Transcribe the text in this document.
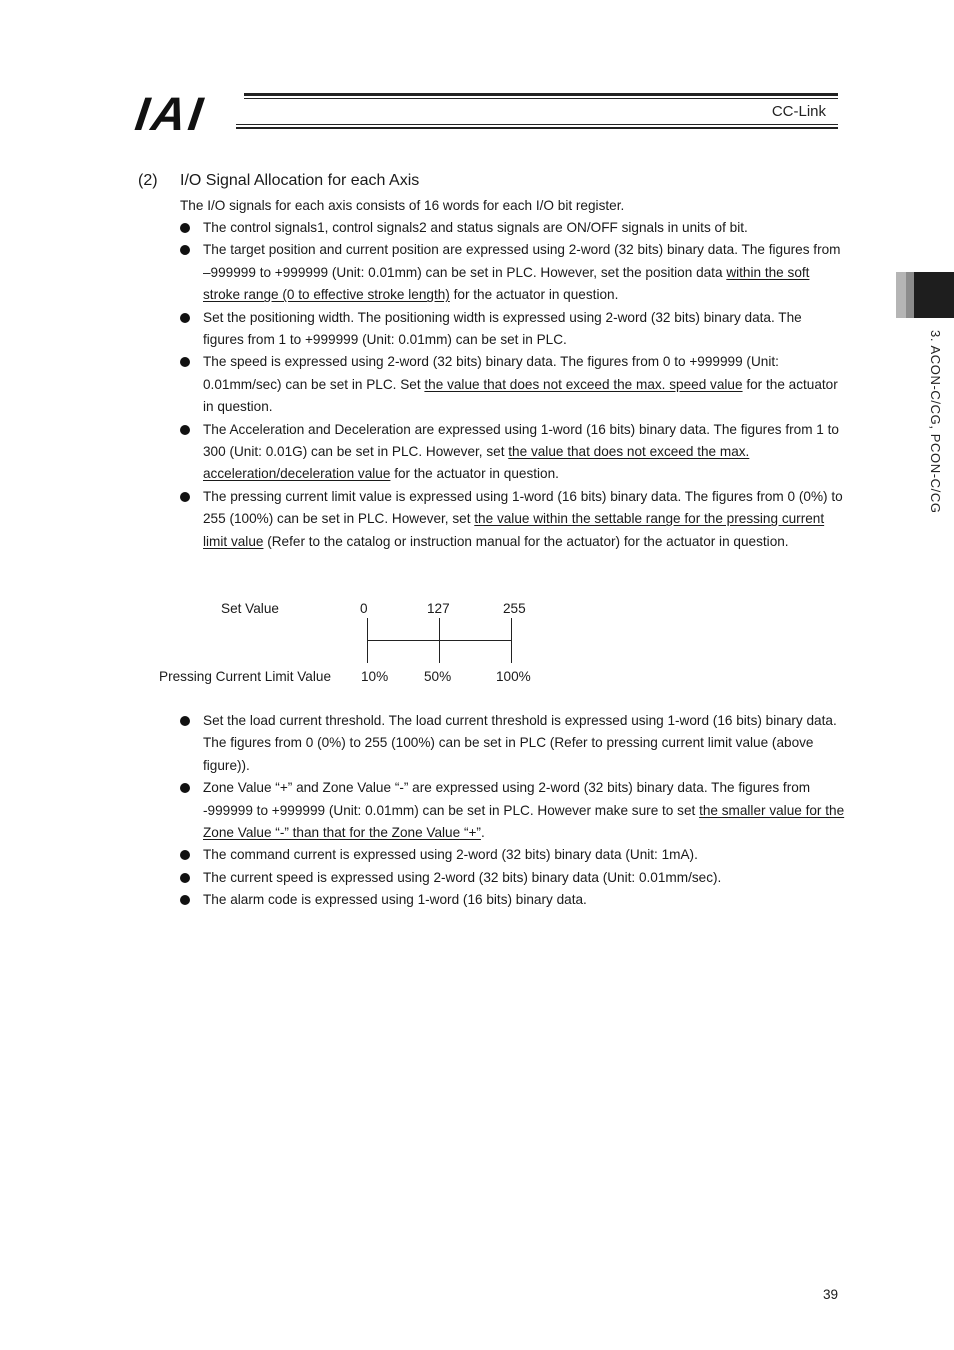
IAI	CC-Link
3. ACON-C/CG, PCON-C/CG
(2) I/O Signal Allocation for each Axis
The I/O signals for each axis consists of 16 words for each I/O bit register.
The control signals1, control signals2 and status signals are ON/OFF signals in units of bit.
The target position and current position are expressed using 2-word (32 bits) binary data. The figures from –999999 to +999999 (Unit: 0.01mm) can be set in PLC. However, set the position data within the soft stroke range (0 to effective stroke length) for the actuator in question.
Set the positioning width. The positioning width is expressed using 2-word (32 bits) binary data. The figures from 1 to +999999 (Unit: 0.01mm) can be set in PLC.
The speed is expressed using 2-word (32 bits) binary data. The figures from 0 to +999999 (Unit: 0.01mm/sec) can be set in PLC. Set the value that does not exceed the max. speed value for the actuator in question.
The Acceleration and Deceleration are expressed using 1-word (16 bits) binary data. The figures from 1 to 300 (Unit: 0.01G) can be set in PLC. However, set the value that does not exceed the max. acceleration/deceleration value for the actuator in question.
The pressing current limit value is expressed using 1-word (16 bits) binary data. The figures from 0 (0%) to 255 (100%) can be set in PLC. However, set the value within the settable range for the pressing current limit value (Refer to the catalog or instruction manual for the actuator) for the actuator in question.
Set Value	0	127	255
Pressing Current Limit Value 10%	50%	100%
Set the load current threshold. The load current threshold is expressed using 1-word (16 bits) binary data. The figures from 0 (0%) to 255 (100%) can be set in PLC (Refer to pressing current limit value (above figure)).
Zone Value “+” and Zone Value “-” are expressed using 2-word (32 bits) binary data. The figures from -999999 to +999999 (Unit: 0.01mm) can be set in PLC. However make sure to set the smaller value for the Zone Value “-” than that for the Zone Value “+”.
The command current is expressed using 2-word (32 bits) binary data (Unit: 1mA).
The current speed is expressed using 2-word (32 bits) binary data (Unit: 0.01mm/sec).
The alarm code is expressed using 1-word (16 bits) binary data.
39
